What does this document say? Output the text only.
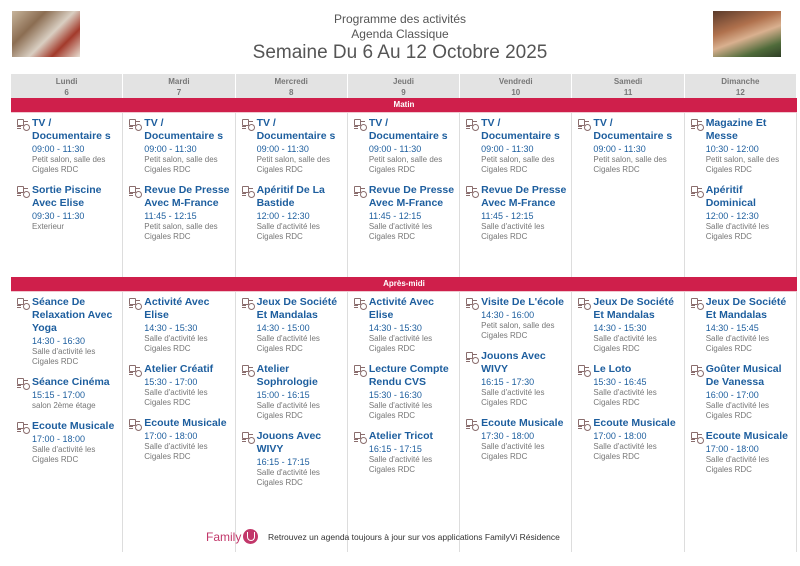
Programme des activités
Agenda Classique
Semaine Du 6 Au 12 Octobre 2025
Lundi
6
Mardi
7
Mercredi
8
Jeudi
9
Vendredi
10
Samedi
11
Dimanche
12
Matin
TV / Documentaire s
09:00 - 11:30
Petit salon, salle des Cigales RDC
Sortie Piscine Avec Elise
09:30 - 11:30
Exterieur
TV / Documentaire s
09:00 - 11:30
Petit salon, salle des Cigales RDC
Revue De Presse Avec M-France
11:45 - 12:15
Petit salon, salle des Cigales RDC
TV / Documentaire s
09:00 - 11:30
Petit salon, salle des Cigales RDC
Apéritif De La Bastide
12:00 - 12:30
Salle d'activité les Cigales RDC
TV / Documentaire s
09:00 - 11:30
Petit salon, salle des Cigales RDC
Revue De Presse Avec M-France
11:45 - 12:15
Salle d'activité les Cigales RDC
TV / Documentaire s
09:00 - 11:30
Petit salon, salle des Cigales RDC
Revue De Presse Avec M-France
11:45 - 12:15
Salle d'activité les Cigales RDC
TV / Documentaire s
09:00 - 11:30
Petit salon, salle des Cigales RDC
Magazine Et Messe
10:30 - 12:00
Petit salon, salle des Cigales RDC
Apéritif Dominical
12:00 - 12:30
Salle d'activité les Cigales RDC
Après-midi
Séance De Relaxation Avec Yoga
14:30 - 16:30
Salle d'activité les Cigales RDC
Séance Cinéma
15:15 - 17:00
salon 2ème étage
Ecoute Musicale
17:00 - 18:00
Salle d'activité les Cigales RDC
Activité Avec Elise
14:30 - 15:30
Salle d'activité les Cigales RDC
Atelier Créatif
15:30 - 17:00
Salle d'activité les Cigales RDC
Ecoute Musicale
17:00 - 18:00
Salle d'activité les Cigales RDC
Jeux De Société Et Mandalas
14:30 - 15:00
Salle d'activité les Cigales RDC
Atelier Sophrologie
15:00 - 16:15
Salle d'activité les Cigales RDC
Jouons Avec WIVY
16:15 - 17:15
Salle d'activité les Cigales RDC
Activité Avec Elise
14:30 - 15:30
Salle d'activité les Cigales RDC
Lecture Compte Rendu CVS
15:30 - 16:30
Salle d'activité les Cigales RDC
Atelier Tricot
16:15 - 17:15
Salle d'activité les Cigales RDC
Visite De L'école
14:30 - 16:00
Petit salon, salle des Cigales RDC
Jouons Avec WIVY
16:15 - 17:30
Salle d'activité les Cigales RDC
Ecoute Musicale
17:30 - 18:00
Salle d'activité les Cigales RDC
Jeux De Société Et Mandalas
14:30 - 15:30
Salle d'activité les Cigales RDC
Le Loto
15:30 - 16:45
Salle d'activité les Cigales RDC
Ecoute Musicale
17:00 - 18:00
Salle d'activité les Cigales RDC
Jeux De Société Et Mandalas
14:30 - 15:45
Salle d'activité les Cigales RDC
Goûter Musical De Vanessa
16:00 - 17:00
Salle d'activité les Cigales RDC
Ecoute Musicale
17:00 - 18:00
Salle d'activité les Cigales RDC
Family	Retrouvez un agenda toujours à jour sur vos applications FamilyVi Résidence
